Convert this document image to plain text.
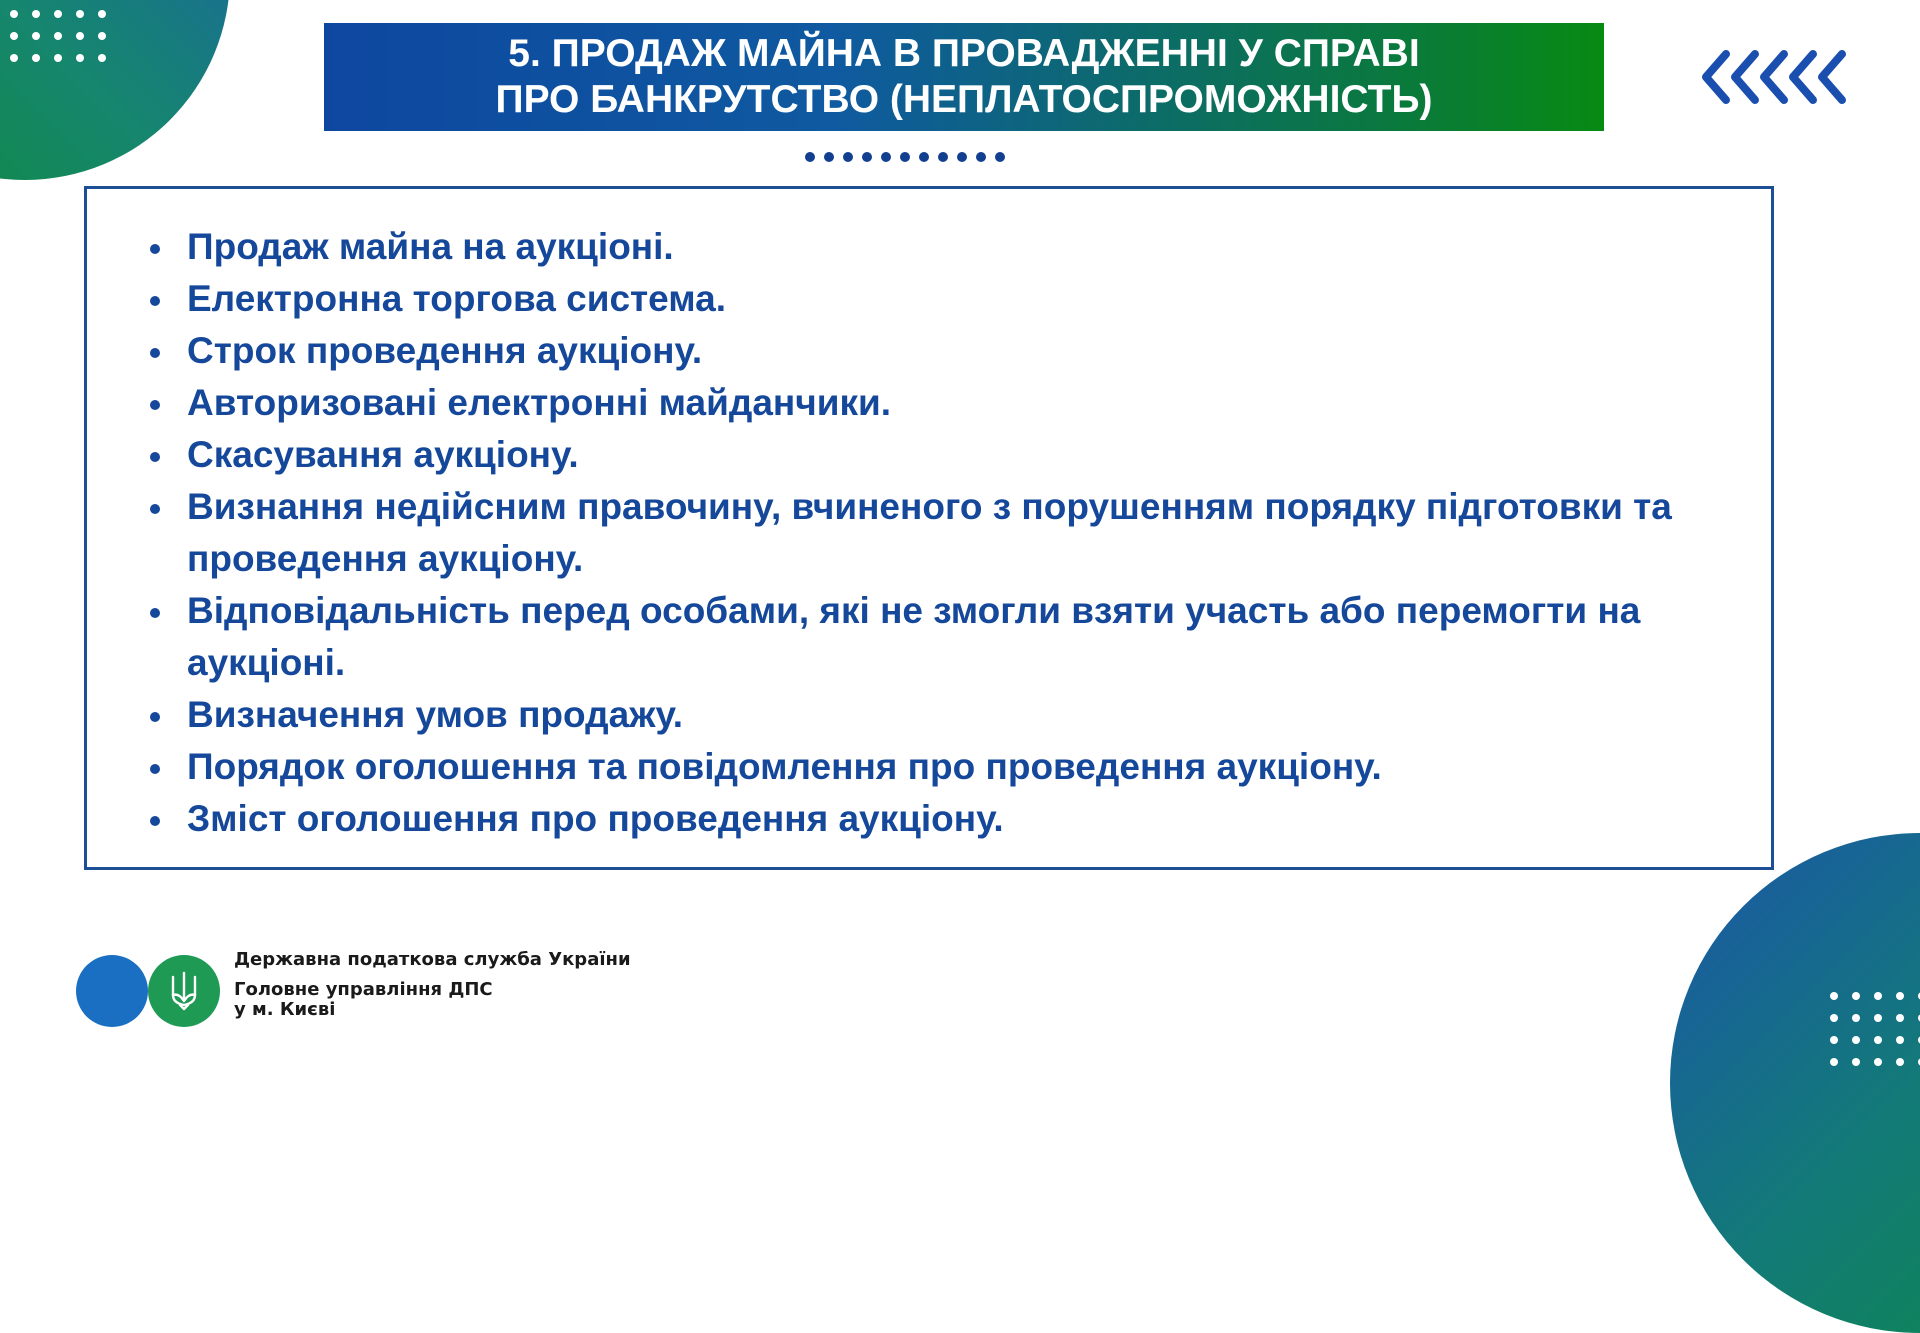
5. ПРОДАЖ МАЙНА В ПРОВАДЖЕННІ У СПРАВІ
ПРО БАНКРУТСТВО (НЕПЛАТОСПРОМОЖНІСТЬ)
Продаж майна на аукціоні.
Електронна торгова система.
Строк проведення аукціону.
Авторизовані електронні майданчики.
Скасування аукціону.
Визнання недійсним правочину, вчиненого з порушенням порядку підготовки та проведення аукціону.
Відповідальність перед особами, які не змогли взяти участь або перемогти на аукціоні.
Визначення умов продажу.
Порядок оголошення та повідомлення про проведення аукціону.
Зміст оголошення про проведення аукціону.
Державна податкова служба України
Головне управління ДПС
у м. Києві
